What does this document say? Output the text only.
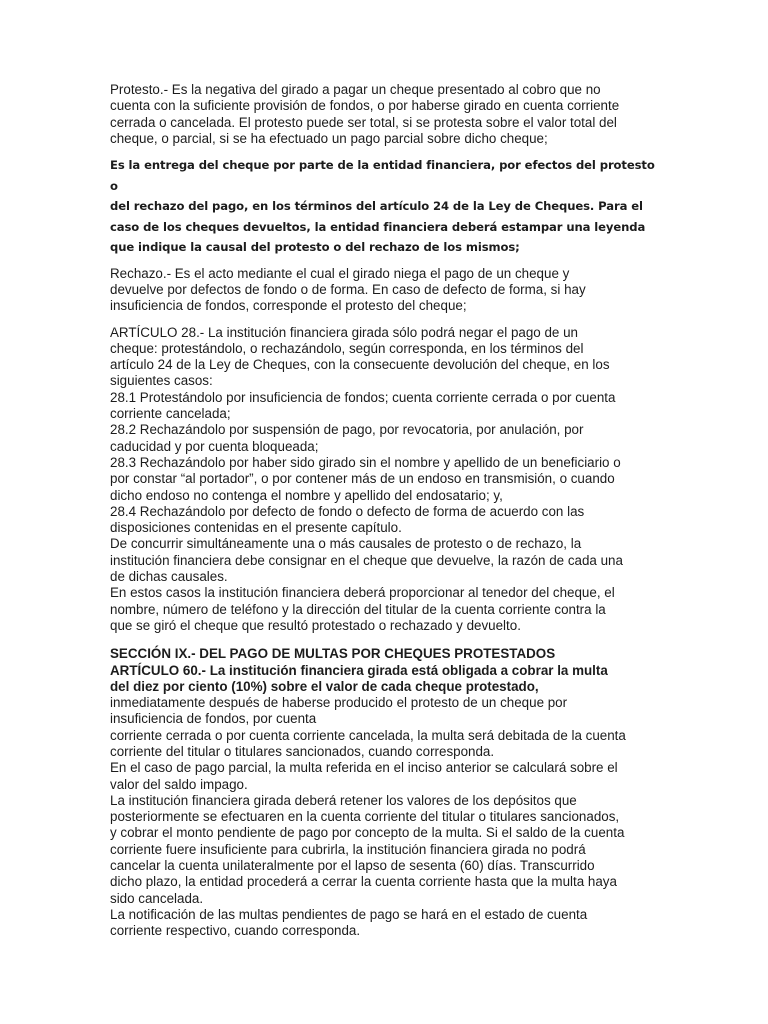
Protesto.- Es la negativa del girado a pagar un cheque presentado al cobro que no
cuenta con la suficiente provisión de fondos, o por haberse girado en cuenta corriente
cerrada o cancelada. El protesto puede ser total, si se protesta sobre el valor total del
cheque, o parcial, si se ha efectuado un pago parcial sobre dicho cheque;

Es la entrega del cheque por parte de la entidad financiera, por efectos del protesto o
del rechazo del pago, en los términos del artículo 24 de la Ley de Cheques. Para el
caso de los cheques devueltos, la entidad financiera deberá estampar una leyenda
que indique la causal del protesto o del rechazo de los mismos;

Rechazo.- Es el acto mediante el cual el girado niega el pago de un cheque y
devuelve por defectos de fondo o de forma. En caso de defecto de forma, si hay
insuficiencia de fondos, corresponde el protesto del cheque;

ARTÍCULO 28.- La institución financiera girada sólo podrá negar el pago de un
cheque: protestándolo, o rechazándolo, según corresponda, en los términos del
artículo 24 de la Ley de Cheques, con la consecuente devolución del cheque, en los
siguientes casos:
28.1 Protestándolo por insuficiencia de fondos; cuenta corriente cerrada o por cuenta
corriente cancelada;
28.2 Rechazándolo por suspensión de pago, por revocatoria, por anulación, por
caducidad y por cuenta bloqueada;
28.3 Rechazándolo por haber sido girado sin el nombre y apellido de un beneficiario o
por constar “al portador”, o por contener más de un endoso en transmisión, o cuando
dicho endoso no contenga el nombre y apellido del endosatario; y,
28.4 Rechazándolo por defecto de fondo o defecto de forma de acuerdo con las
disposiciones contenidas en el presente capítulo.
De concurrir simultáneamente una o más causales de protesto o de rechazo, la
institución financiera debe consignar en el cheque que devuelve, la razón de cada una
de dichas causales.
En estos casos la institución financiera deberá proporcionar al tenedor del cheque, el
nombre, número de teléfono y la dirección del titular de la cuenta corriente contra la
que se giró el cheque que resultó protestado o rechazado y devuelto.

SECCIÓN IX.- DEL PAGO DE MULTAS POR CHEQUES PROTESTADOS
ARTÍCULO 60.- La institución financiera girada está obligada a cobrar la multa
del diez por ciento (10%) sobre el valor de cada cheque protestado,

inmediatamente después de haberse producido el protesto de un cheque por
insuficiencia de fondos, por cuenta
corriente cerrada o por cuenta corriente cancelada, la multa será debitada de la cuenta
corriente del titular o titulares sancionados, cuando corresponda.
En el caso de pago parcial, la multa referida en el inciso anterior se calculará sobre el
valor del saldo impago.
La institución financiera girada deberá retener los valores de los depósitos que
posteriormente se efectuaren en la cuenta corriente del titular o titulares sancionados,
y cobrar el monto pendiente de pago por concepto de la multa. Si el saldo de la cuenta
corriente fuere insuficiente para cubrirla, la institución financiera girada no podrá
cancelar la cuenta unilateralmente por el lapso de sesenta (60) días. Transcurrido
dicho plazo, la entidad procederá a cerrar la cuenta corriente hasta que la multa haya
sido cancelada.
La notificación de las multas pendientes de pago se hará en el estado de cuenta
corriente respectivo, cuando corresponda.
